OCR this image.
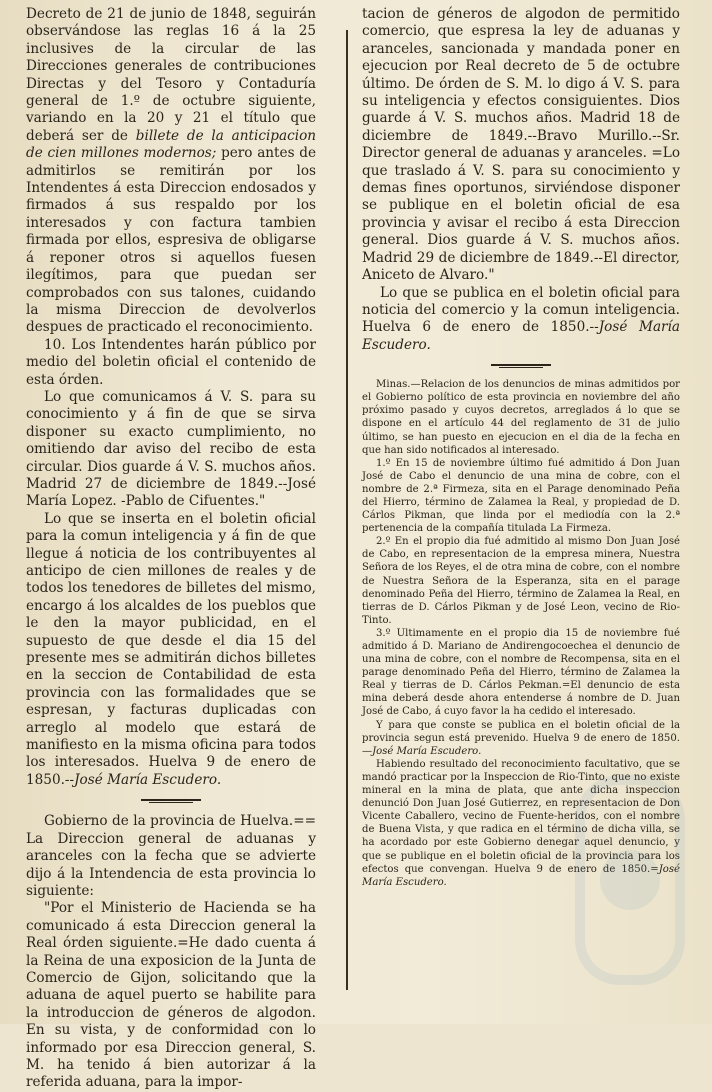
Decreto de 21 de junio de 1848, seguirán observándose las reglas 16 á la 25 inclusives de la circular de las Direcciones generales de contribuciones Directas y del Tesoro y Contaduría general de 1.º de octubre siguiente, variando en la 20 y 21 el título que deberá ser de billete de la anticipacion de cien millones modernos; pero antes de admitirlos se remitirán por los Intendentes á esta Direccion endosados y firmados á sus respaldo por los interesados y con factura tambien firmada por ellos, espresiva de obligarse á reponer otros si aquellos fuesen ilegítimos, para que puedan ser comprobados con sus talones, cuidando la misma Direccion de devolverlos despues de practicado el reconocimiento.

10. Los Intendentes harán público por medio del boletin oficial el contenido de esta órden.

Lo que comunicamos á V. S. para su conocimiento y á fin de que se sirva disponer su exacto cumplimiento, no omitiendo dar aviso del recibo de esta circular. Dios guarde á V. S. muchos años. Madrid 27 de diciembre de 1849.--José María Lopez. -Pablo de Cifuentes."

Lo que se inserta en el boletin oficial para la comun inteligencia y á fin de que llegue á noticia de los contribuyentes al anticipo de cien millones de reales y de todos los tenedores de billetes del mismo, encargo á los alcaldes de los pueblos que le den la mayor publicidad, en el supuesto de que desde el dia 15 del presente mes se admitirán dichos billetes en la seccion de Contabilidad de esta provincia con las formalidades que se espresan, y facturas duplicadas con arreglo al modelo que estará de manifiesto en la misma oficina para todos los interesados. Huelva 9 de enero de 1850.--José María Escudero.

Gobierno de la provincia de Huelva.== La Direccion general de aduanas y aranceles con la fecha que se advierte dijo á la Intendencia de esta provincia lo siguiente:

"Por el Ministerio de Hacienda se ha comunicado á esta Direccion general la Real órden siguiente.=He dado cuenta á la Reina de una exposicion de la Junta de Comercio de Gijon, solicitando que la aduana de aquel puerto se habilite para la introduccion de géneros de algodon. En su vista, y de conformidad con lo informado por esa Direccion general, S. M. ha tenido á bien autorizar á la referida aduana, para la impor-

tacion de géneros de algodon de permitido comercio, que espresa la ley de aduanas y aranceles, sancionada y mandada poner en ejecucion por Real decreto de 5 de octubre último. De órden de S. M. lo digo á V. S. para su inteligencia y efectos consiguientes. Dios guarde á V. S. muchos años. Madrid 18 de diciembre de 1849.--Bravo Murillo.--Sr. Director general de aduanas y aranceles. =Lo que traslado á V. S. para su conocimiento y demas fines oportunos, sirviéndose disponer se publique en el boletin oficial de esa provincia y avisar el recibo á esta Direccion general. Dios guarde á V. S. muchos años. Madrid 29 de diciembre de 1849.--El director, Aniceto de Alvaro."

Lo que se publica en el boletin oficial para noticia del comercio y la comun inteligencia. Huelva 6 de enero de 1850.--José María Escudero.

Minas.—Relacion de los denuncios de minas admitidos por el Gobierno político de esta provincia en noviembre del año próximo pasado y cuyos decretos, arreglados á lo que se dispone en el artículo 44 del reglamento de 31 de julio último, se han puesto en ejecucion en el dia de la fecha en que han sido notificados al interesado.

1.º En 15 de noviembre último fué admitido á Don Juan José de Cabo el denuncio de una mina de cobre, con el nombre de 2.ª Firmeza, sita en el Parage denominado Peña del Hierro, término de Zalamea la Real, y propiedad de D. Cárlos Pikman, que linda por el mediodía con la 2.ª pertenencia de la compañía titulada La Firmeza.

2.º En el propio dia fué admitido al mismo Don Juan José de Cabo, en representacion de la empresa minera, Nuestra Señora de los Reyes, el de otra mina de cobre, con el nombre de Nuestra Señora de la Esperanza, sita en el parage denominado Peña del Hierro, término de Zalamea la Real, en tierras de D. Cárlos Pikman y de José Leon, vecino de Rio-Tinto.

3.º Ultimamente en el propio dia 15 de noviembre fué admitido á D. Mariano de Andirengocoechea el denuncio de una mina de cobre, con el nombre de Recompensa, sita en el parage denominado Peña del Hierro, término de Zalamea la Real y tierras de D. Cárlos Pekman.=El denuncio de esta mina deberá desde ahora entenderse á nombre de D. Juan José de Cabo, á cuyo favor la ha cedido el interesado.

Y para que conste se publica en el boletin oficial de la provincia segun está prevenido. Huelva 9 de enero de 1850.—José María Escudero.

Habiendo resultado del reconocimiento facultativo, que se mandó practicar por la Inspeccion de Rio-Tinto, que no existe mineral en la mina de plata, que ante dicha inspeccion denunció Don Juan José Gutierrez, en representacion de Don Vicente Caballero, vecino de Fuente-heridos, con el nombre de Buena Vista, y que radica en el término de dicha villa, se ha acordado por este Gobierno denegar aquel denuncio, y que se publique en el boletin oficial de la provincia para los efectos que convengan. Huelva 9 de enero de 1850.=José María Escudero.
